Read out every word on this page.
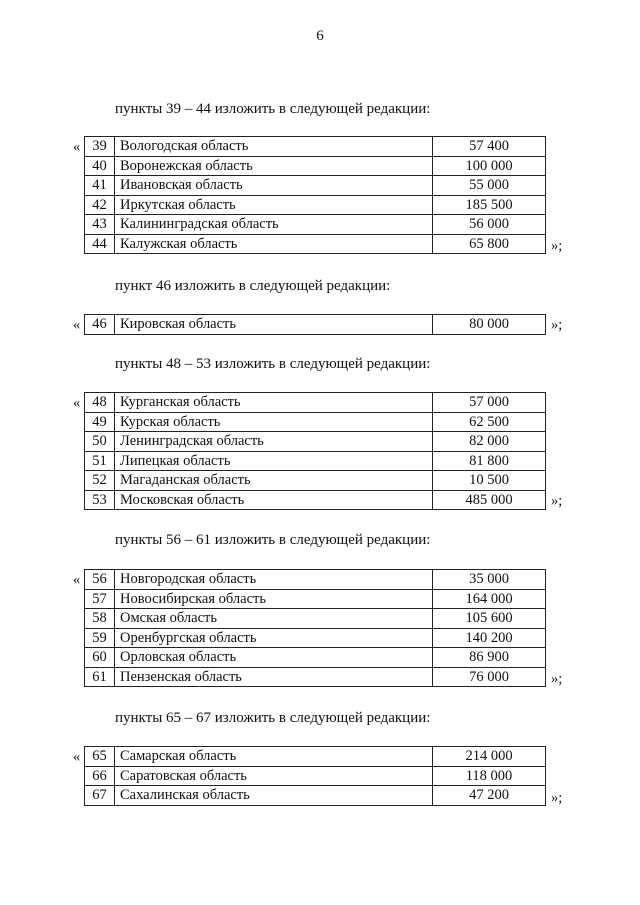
6
пункты 39 – 44 изложить в следующей редакции:
« 39	Вологодская область	57 400
40	Воронежская область	100 000
41	Ивановская область	55 000
42	Иркутская область	185 500
43	Калининградская область	56 000
44	Калужская область	65 800	»;
пункт 46 изложить в следующей редакции:
« 46	Кировская область	80 000	»;
пункты 48 – 53 изложить в следующей редакции:
« 48	Курганская область	57 000
49	Курская область	62 500
50	Ленинградская область	82 000
51	Липецкая область	81 800
52	Магаданская область	10 500
53	Московская область	485 000	»;
пункты 56 – 61 изложить в следующей редакции:
« 56	Новгородская область	35 000
57	Новосибирская область	164 000
58	Омская область	105 600
59	Оренбургская область	140 200
60	Орловская область	86 900
61	Пензенская область	76 000	»;
пункты 65 – 67 изложить в следующей редакции:
« 65	Самарская область	214 000
66	Саратовская область	118 000
67	Сахалинская область	47 200	»;
